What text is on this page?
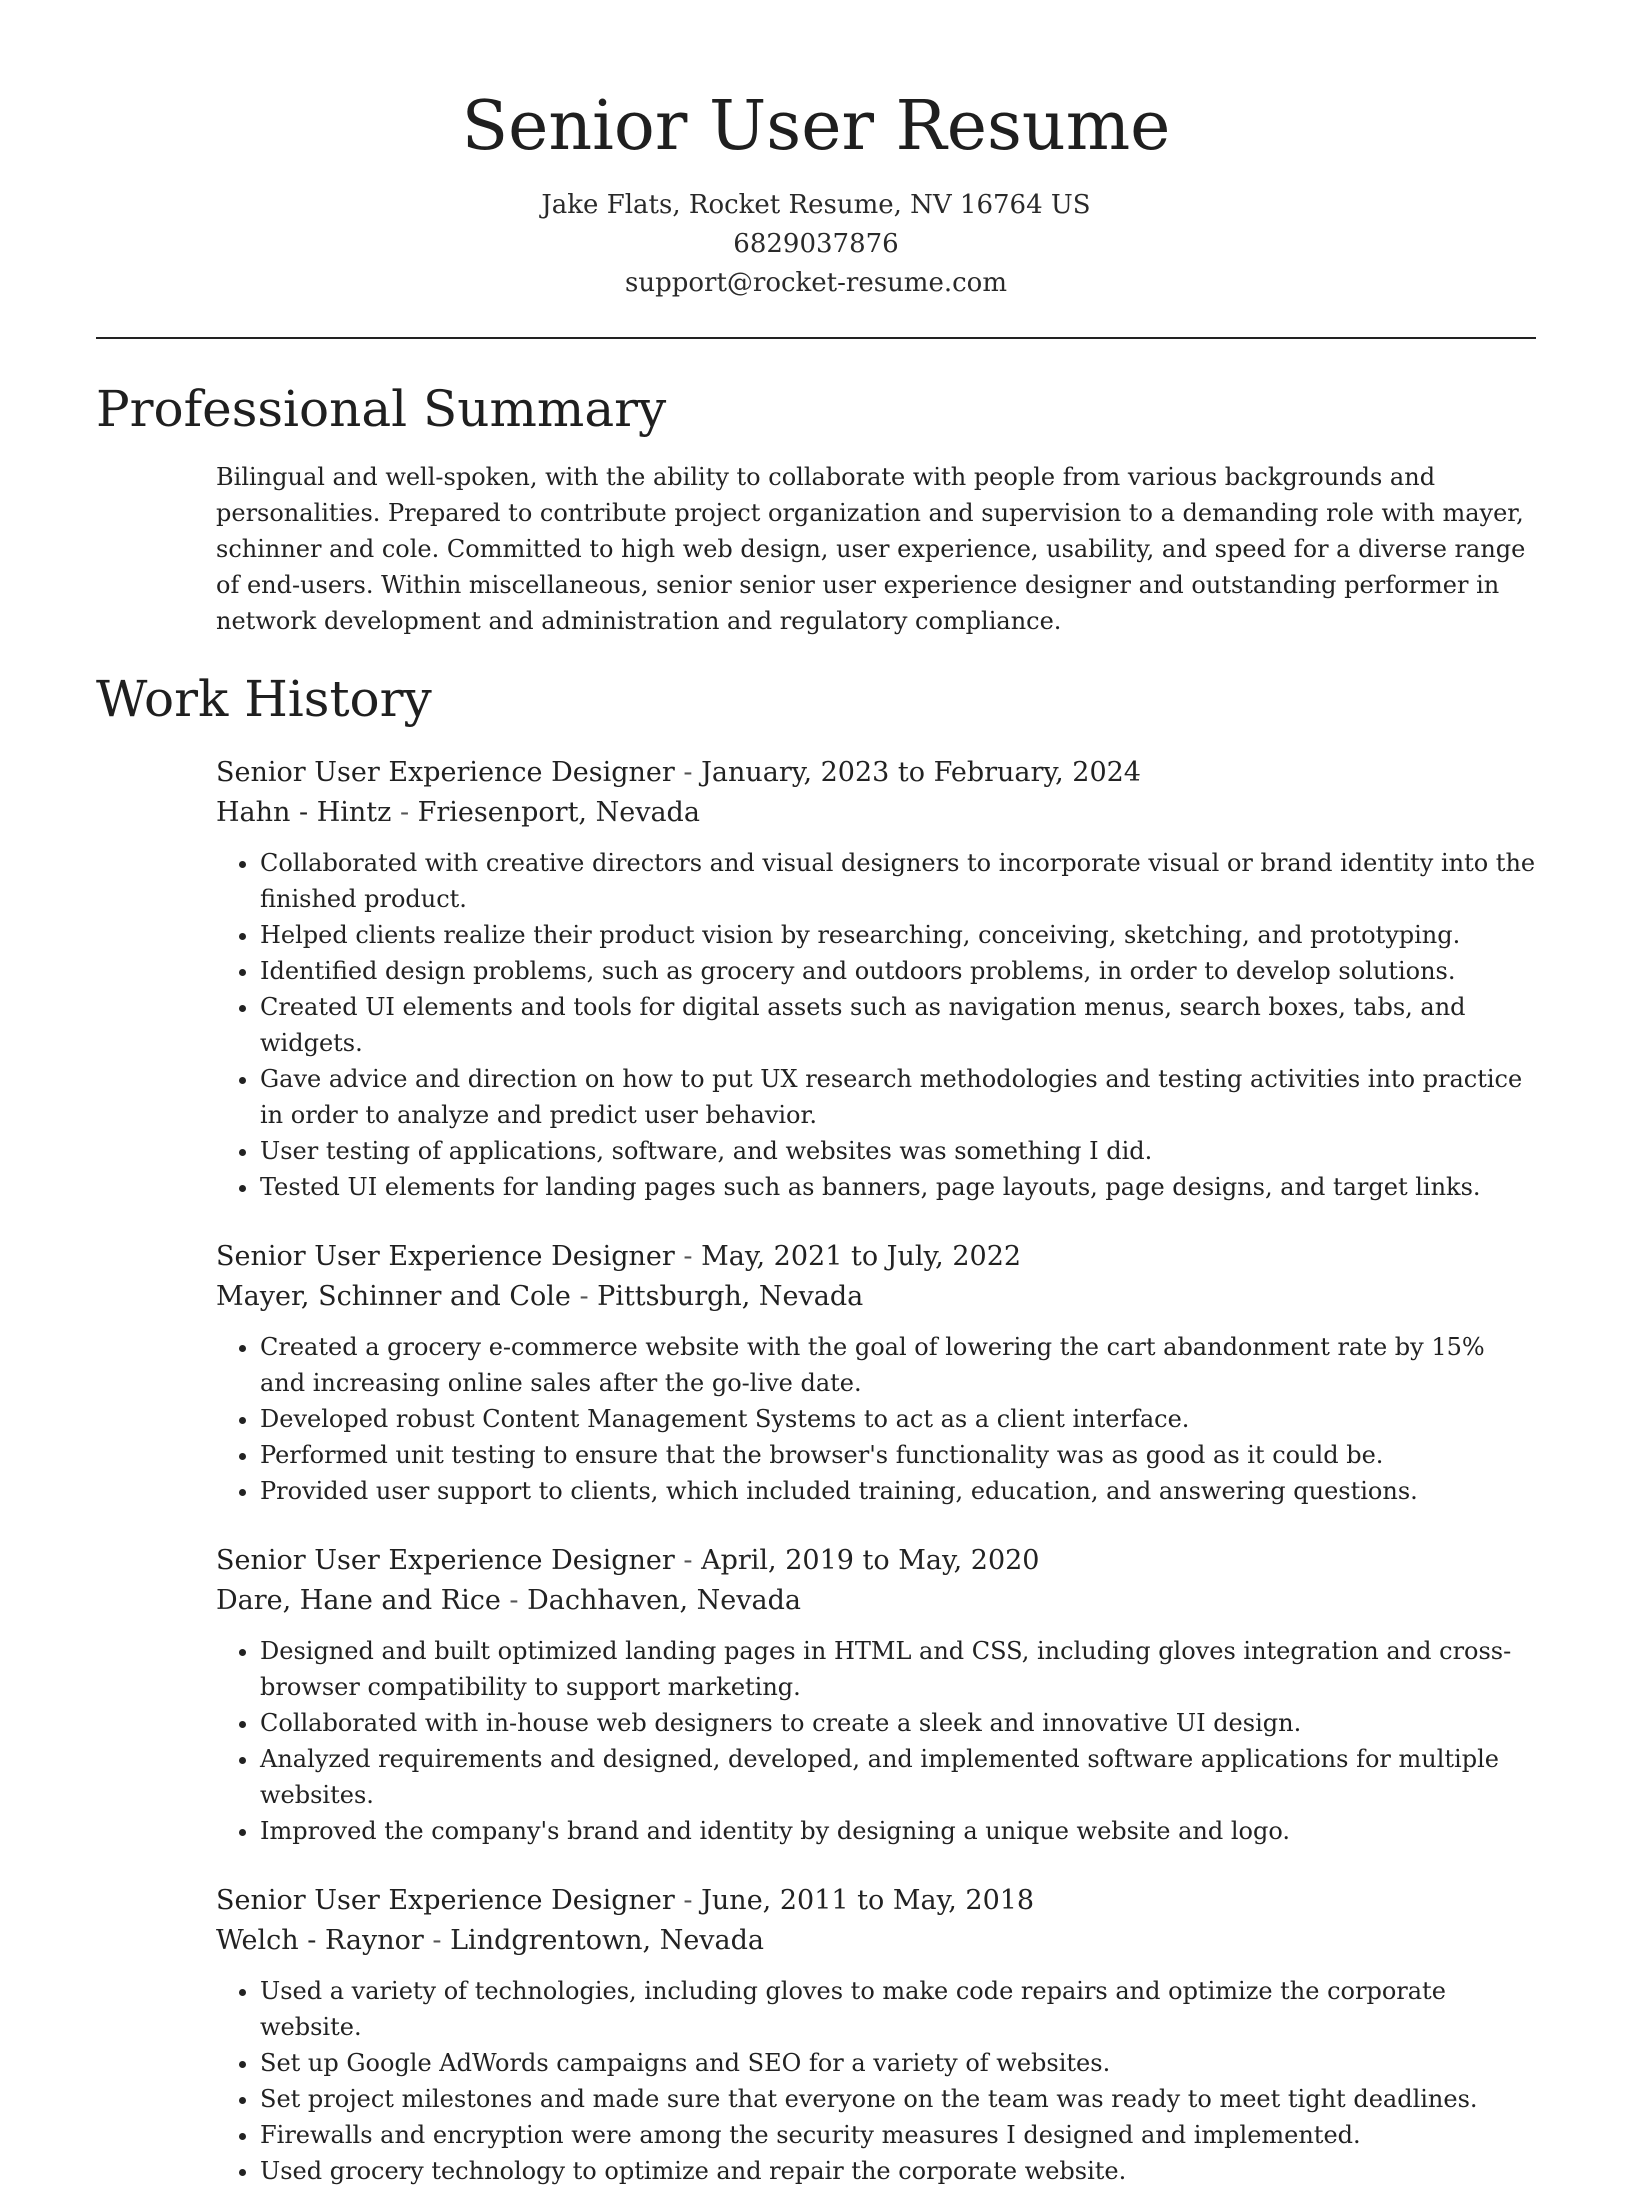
Senior User Resume
Jake Flats, Rocket Resume, NV 16764 US
6829037876
support@rocket-resume.com
Professional Summary
Bilingual and well-spoken, with the ability to collaborate with people from various backgrounds and personalities. Prepared to contribute project organization and supervision to a demanding role with mayer, schinner and cole. Committed to high web design, user experience, usability, and speed for a diverse range of end-users. Within miscellaneous, senior senior user experience designer and outstanding performer in network development and administration and regulatory compliance.
Work History
Senior User Experience Designer - January, 2023 to February, 2024
Hahn - Hintz - Friesenport, Nevada
• Collaborated with creative directors and visual designers to incorporate visual or brand identity into the finished product.
• Helped clients realize their product vision by researching, conceiving, sketching, and prototyping.
• Identified design problems, such as grocery and outdoors problems, in order to develop solutions.
• Created UI elements and tools for digital assets such as navigation menus, search boxes, tabs, and widgets.
• Gave advice and direction on how to put UX research methodologies and testing activities into practice in order to analyze and predict user behavior.
• User testing of applications, software, and websites was something I did.
• Tested UI elements for landing pages such as banners, page layouts, page designs, and target links.
Senior User Experience Designer - May, 2021 to July, 2022
Mayer, Schinner and Cole - Pittsburgh, Nevada
• Created a grocery e-commerce website with the goal of lowering the cart abandonment rate by 15% and increasing online sales after the go-live date.
• Developed robust Content Management Systems to act as a client interface.
• Performed unit testing to ensure that the browser's functionality was as good as it could be.
• Provided user support to clients, which included training, education, and answering questions.
Senior User Experience Designer - April, 2019 to May, 2020
Dare, Hane and Rice - Dachhaven, Nevada
• Designed and built optimized landing pages in HTML and CSS, including gloves integration and cross-browser compatibility to support marketing.
• Collaborated with in-house web designers to create a sleek and innovative UI design.
• Analyzed requirements and designed, developed, and implemented software applications for multiple websites.
• Improved the company's brand and identity by designing a unique website and logo.
Senior User Experience Designer - June, 2011 to May, 2018
Welch - Raynor - Lindgrentown, Nevada
• Used a variety of technologies, including gloves to make code repairs and optimize the corporate website.
• Set up Google AdWords campaigns and SEO for a variety of websites.
• Set project milestones and made sure that everyone on the team was ready to meet tight deadlines.
• Firewalls and encryption were among the security measures I designed and implemented.
• Used grocery technology to optimize and repair the corporate website.
